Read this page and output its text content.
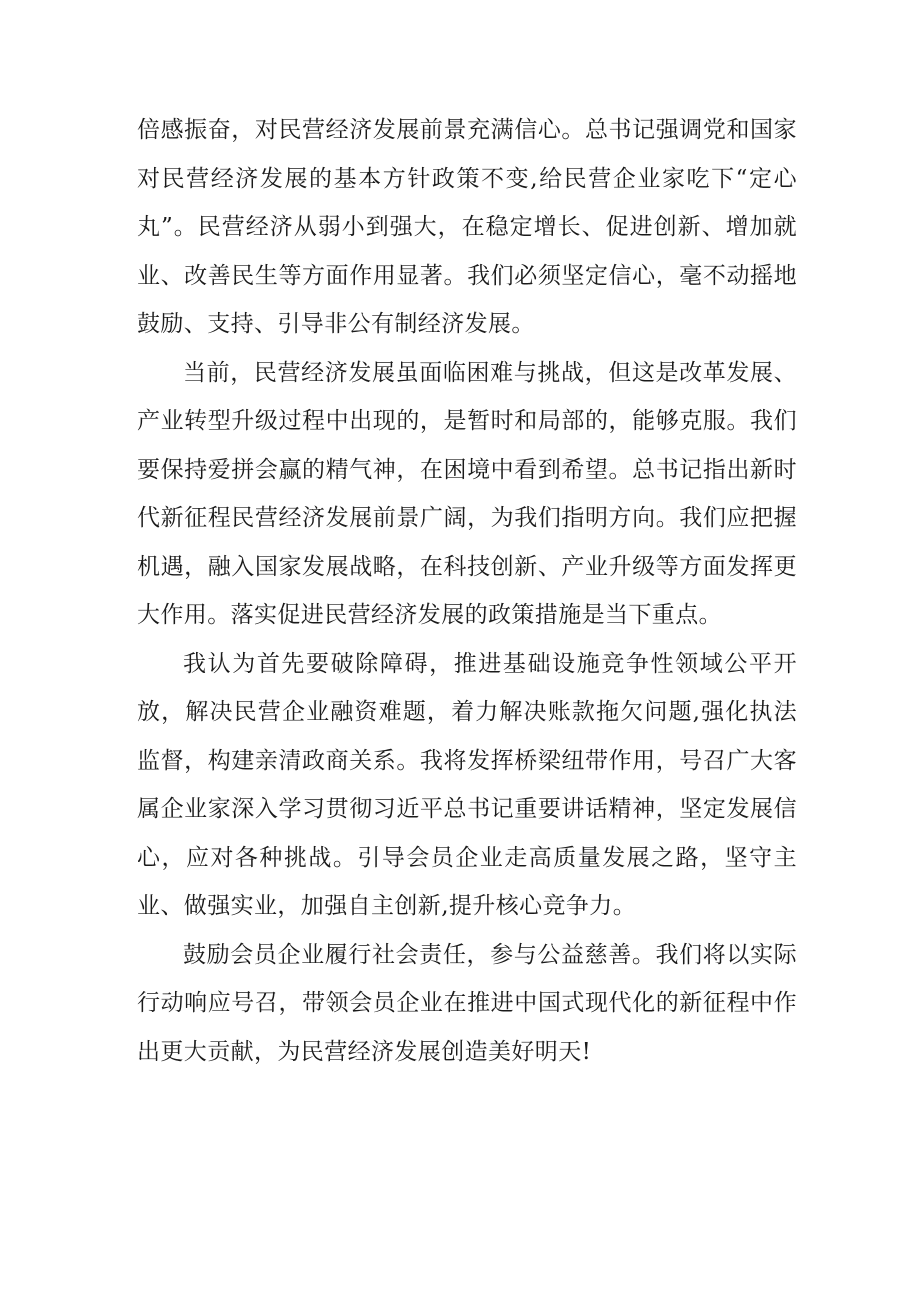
倍感振奋，对民营经济发展前景充满信心。总书记强调党和国家对民营经济发展的基本方针政策不变,给民营企业家吃下“定心丸”。民营经济从弱小到强大，在稳定增长、促进创新、增加就业、改善民生等方面作用显著。我们必须坚定信心，毫不动摇地鼓励、支持、引导非公有制经济发展。

当前，民营经济发展虽面临困难与挑战，但这是改革发展、产业转型升级过程中出现的，是暂时和局部的，能够克服。我们要保持爱拼会赢的精气神，在困境中看到希望。总书记指出新时代新征程民营经济发展前景广阔，为我们指明方向。我们应把握机遇，融入国家发展战略，在科技创新、产业升级等方面发挥更大作用。落实促进民营经济发展的政策措施是当下重点。

我认为首先要破除障碍，推进基础设施竞争性领域公平开放，解决民营企业融资难题，着力解决账款拖欠问题,强化执法监督，构建亲清政商关系。我将发挥桥梁纽带作用，号召广大客属企业家深入学习贯彻习近平总书记重要讲话精神，坚定发展信心，应对各种挑战。引导会员企业走高质量发展之路，坚守主业、做强实业，加强自主创新,提升核心竞争力。

鼓励会员企业履行社会责任，参与公益慈善。我们将以实际行动响应号召，带领会员企业在推进中国式现代化的新征程中作出更大贡献，为民营经济发展创造美好明天!
